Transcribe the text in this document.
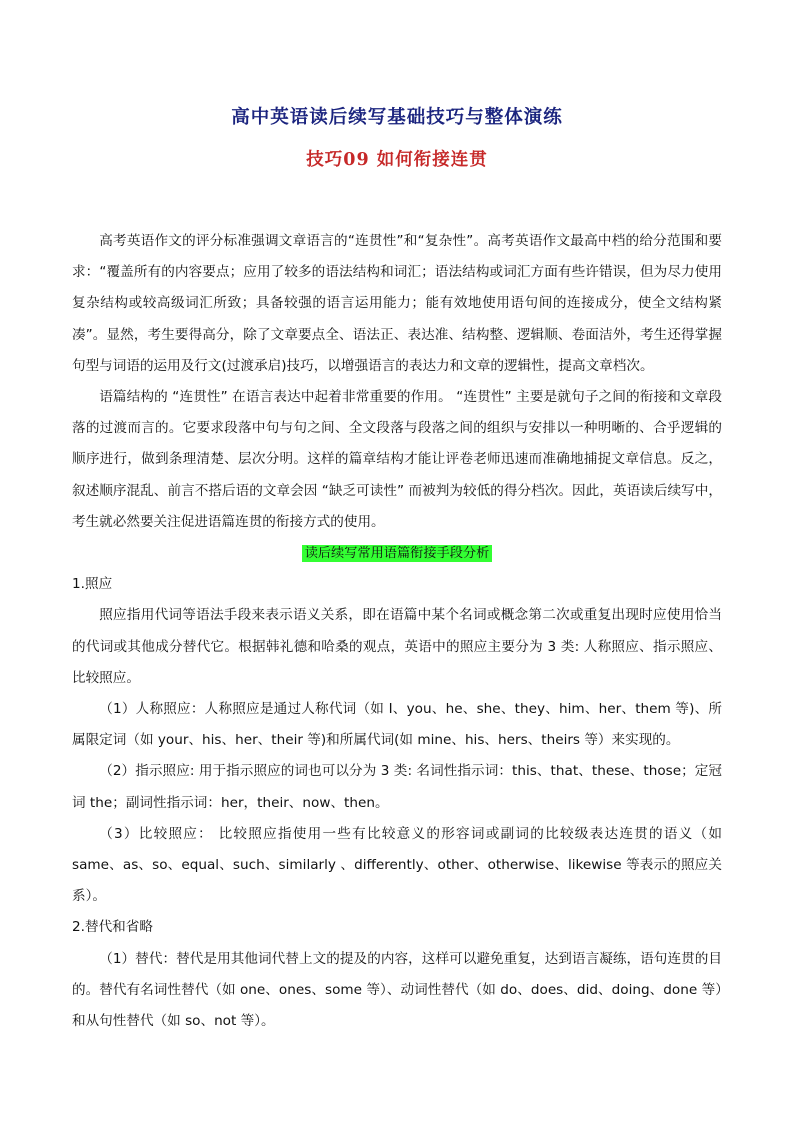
高中英语读后续写基础技巧与整体演练
技巧09 如何衔接连贯

高考英语作文的评分标准强调文章语言的“连贯性”和“复杂性”。高考英语作文最高中档的给分范围和要求：“覆盖所有的内容要点；应用了较多的语法结构和词汇；语法结构或词汇方面有些许错误，但为尽力使用复杂结构或较高级词汇所致；具备较强的语言运用能力；能有效地使用语句间的连接成分，使全文结构紧凑”。显然，考生要得高分，除了文章要点全、语法正、表达准、结构整、逻辑顺、卷面洁外，考生还得掌握句型与词语的运用及行文(过渡承启)技巧，以增强语言的表达力和文章的逻辑性，提高文章档次。

语篇结构的 “连贯性” 在语言表达中起着非常重要的作用。 “连贯性” 主要是就句子之间的衔接和文章段落的过渡而言的。它要求段落中句与句之间、全文段落与段落之间的组织与安排以一种明晰的、合乎逻辑的顺序进行，做到条理清楚、层次分明。这样的篇章结构才能让评卷老师迅速而准确地捕捉文章信息。反之，叙述顺序混乱、前言不搭后语的文章会因 “缺乏可读性” 而被判为较低的得分档次。因此，英语读后续写中，考生就必然要关注促进语篇连贯的衔接方式的使用。

读后续写常用语篇衔接手段分析

1.照应

照应指用代词等语法手段来表示语义关系，即在语篇中某个名词或概念第二次或重复出现时应使用恰当的代词或其他成分替代它。根据韩礼德和哈桑的观点，英语中的照应主要分为 3 类: 人称照应、指示照应、比较照应。

（1）人称照应：人称照应是通过人称代词（如 I、you、he、she、they、him、her、them 等)、所属限定词（如 your、his、her、their 等)和所属代词(如 mine、his、hers、theirs 等）来实现的。

（2）指示照应: 用于指示照应的词也可以分为 3 类: 名词性指示词：this、that、these、those；定冠词 the；副词性指示词：her，their、now、then。

（3）比较照应： 比较照应指使用一些有比较意义的形容词或副词的比较级表达连贯的语义（如 same、as、so、equal、such、similarly 、differently、other、otherwise、likewise 等表示的照应关系）。

2.替代和省略

（1）替代：替代是用其他词代替上文的提及的内容，这样可以避免重复，达到语言凝练，语句连贯的目的。替代有名词性替代（如 one、ones、some 等）、动词性替代（如 do、does、did、doing、done 等）和从句性替代（如 so、not 等）。
